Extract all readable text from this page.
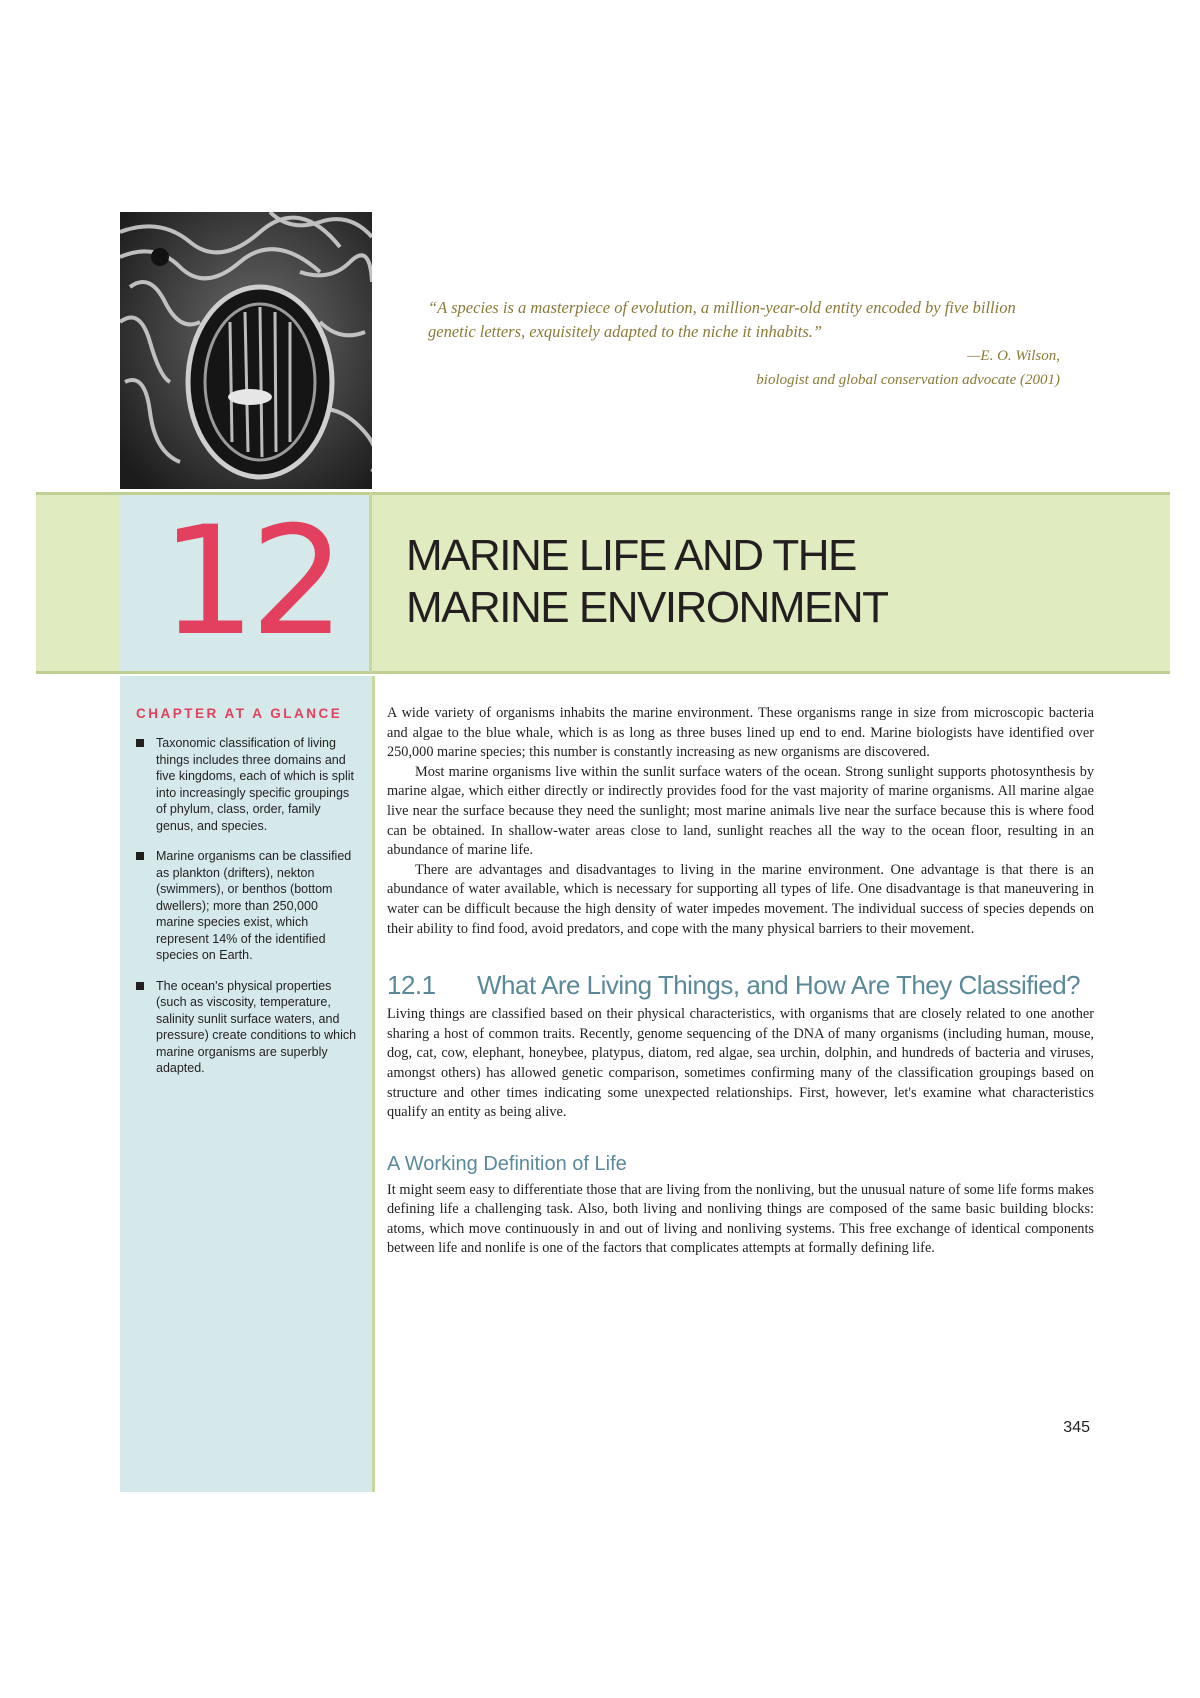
“A species is a masterpiece of evolution, a million-year-old entity encoded by five billion genetic letters, exquisitely adapted to the niche it inhabits.”

—E. O. Wilson,

biologist and global conservation advocate (2001)

12	MARINE LIFE AND THE
MARINE ENVIRONMENT
CHAPTER AT A GLANCE
Taxonomic classification of living things includes three domains and five kingdoms, each of which is split into increasingly specific groupings of phylum, class, order, family genus, and species.
Marine organisms can be classified as plankton (drifters), nekton (swimmers), or benthos (bottom dwellers); more than 250,000 marine species exist, which represent 14% of the identified species on Earth.
The ocean's physical properties (such as viscosity, temperature, salinity sunlit surface waters, and pressure) create conditions to which marine organisms are superbly adapted.

A wide variety of organisms inhabits the marine environment. These organisms range in size from microscopic bacteria and algae to the blue whale, which is as long as three buses lined up end to end. Marine biologists have identified over 250,000 marine species; this number is constantly increasing as new organisms are discovered.

Most marine organisms live within the sunlit surface waters of the ocean. Strong sunlight supports photosynthesis by marine algae, which either directly or indirectly provides food for the vast majority of marine organisms. All marine algae live near the surface because they need the sunlight; most marine animals live near the surface because this is where food can be obtained. In shallow-water areas close to land, sunlight reaches all the way to the ocean floor, resulting in an abundance of marine life.

There are advantages and disadvantages to living in the marine environment. One advantage is that there is an abundance of water available, which is necessary for supporting all types of life. One disadvantage is that maneuvering in water can be difficult because the high density of water impedes movement. The individual success of species depends on their ability to find food, avoid predators, and cope with the many physical barriers to their movement.

12.1 What Are Living Things, and How Are They Classified?

Living things are classified based on their physical characteristics, with organisms that are closely related to one another sharing a host of common traits. Recently, genome sequencing of the DNA of many organisms (including human, mouse, dog, cat, cow, elephant, honeybee, platypus, diatom, red algae, sea urchin, dolphin, and hundreds of bacteria and viruses, amongst others) has allowed genetic comparison, sometimes confirming many of the classification groupings based on structure and other times indicating some unexpected relationships. First, however, let's examine what characteristics qualify an entity as being alive.

A Working Definition of Life

It might seem easy to differentiate those that are living from the nonliving, but the unusual nature of some life forms makes defining life a challenging task. Also, both living and nonliving things are composed of the same basic building blocks: atoms, which move continuously in and out of living and nonliving systems. This free exchange of identical components between life and nonlife is one of the factors that complicates attempts at formally defining life.

345
